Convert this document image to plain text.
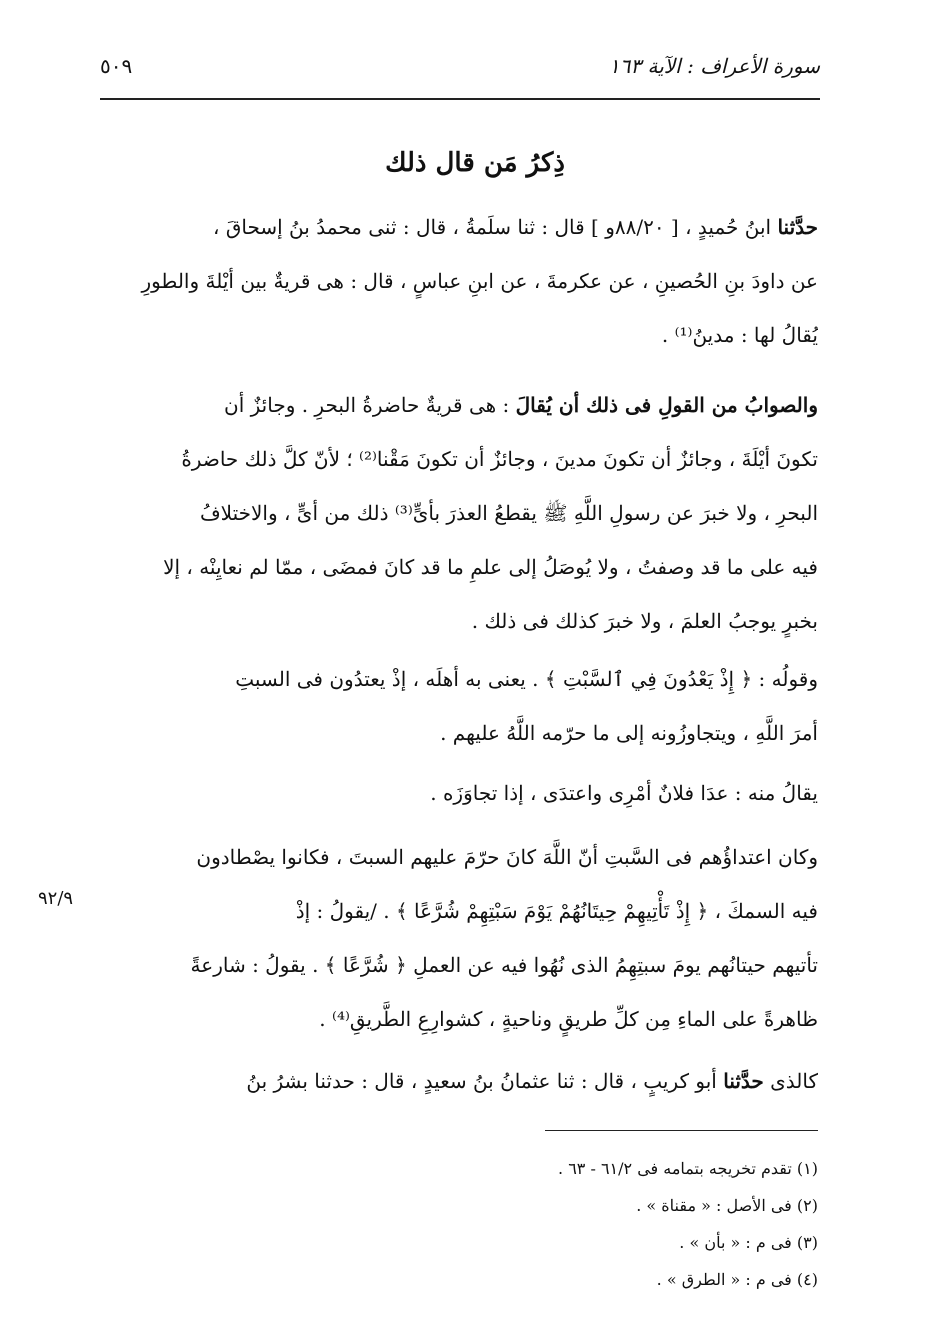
٥٠٩	سورة الأعراف : الآية ١٦٣
ذِكرُ مَن قال ذلك
حدَّثنا ابنُ حُميدٍ ، [ ٨٨/٢٠و ] قال : ثنا سلَمةُ ، قال : ثنى محمدُ بنُ إسحاقَ ،
عن داودَ بنِ الحُصينِ ، عن عكرمةَ ، عن ابنِ عباسٍ ، قال : هى قريةٌ بين أيْلةَ والطورِ
يُقالُ لها : مدينُ⁽¹⁾ .
والصوابُ من القولِ فى ذلك أن يُقالَ : هى قريةٌ حاضرةُ البحرِ . وجائزٌ أن
تكونَ أيْلَةَ ، وجائزٌ أن تكونَ مدينَ ، وجائزٌ أن تكونَ مَقْنا⁽²⁾ ؛ لأنّ كلَّ ذلك حاضرةُ
البحرِ ، ولا خبرَ عن رسولِ اللَّهِ ﷺ يقطعُ العذرَ بأىٍّ⁽³⁾ ذلك من أىٍّ ، والاختلافُ
فيه على ما قد وصفتُ ، ولا يُوصَلُ إلى علمِ ما قد كانَ فمضَى ، ممّا لم نعايِنْه ، إلا
بخبرٍ يوجبُ العلمَ ، ولا خبرَ كذلك فى ذلك .
وقولُه : ﴿ إِذْ يَعْدُونَ فِي ٱلسَّبْتِ ﴾ . يعنى به أهلَه ، إذْ يعتدُون فى السبتِ
أمرَ اللَّهِ ، ويتجاوزُونه إلى ما حرّمه اللَّهُ عليهم .
يقالُ منه : عدَا فلانٌ أمْرِى واعتدَى ، إذا تجاوَزَه .
وكان اعتداؤُهم فى السَّبتِ أنّ اللَّهَ كانَ حرّمَ عليهم السبتَ ، فكانوا يصْطادون
فيه السمكَ ، ﴿ إِذْ تَأْتِيهِمْ حِيتَانُهُمْ يَوْمَ سَبْتِهِمْ شُرَّعًا ﴾ . /يقولُ : إذْ
تأتيهم حيتانُهم يومَ سبتِهِمُ الذى نُهُوا فيه عن العملِ ﴿ شُرَّعًا ﴾ . يقولُ : شارعةً
ظاهرةً على الماءِ مِن كلِّ طريقٍ وناحيةٍ ، كشوارِعِ الطَّريقِ⁽⁴⁾ .
٩٢/٩
كالذى حدَّثنا أبو كريبٍ ، قال : ثنا عثمانُ بنُ سعيدٍ ، قال : حدثنا بشرُ بنُ
(١) تقدم تخريجه بتمامه فى ٦١/٢ - ٦٣ .
(٢) فى الأصل : « مقناة » .
(٣) فى م : « بأن » .
(٤) فى م : « الطرق » .
